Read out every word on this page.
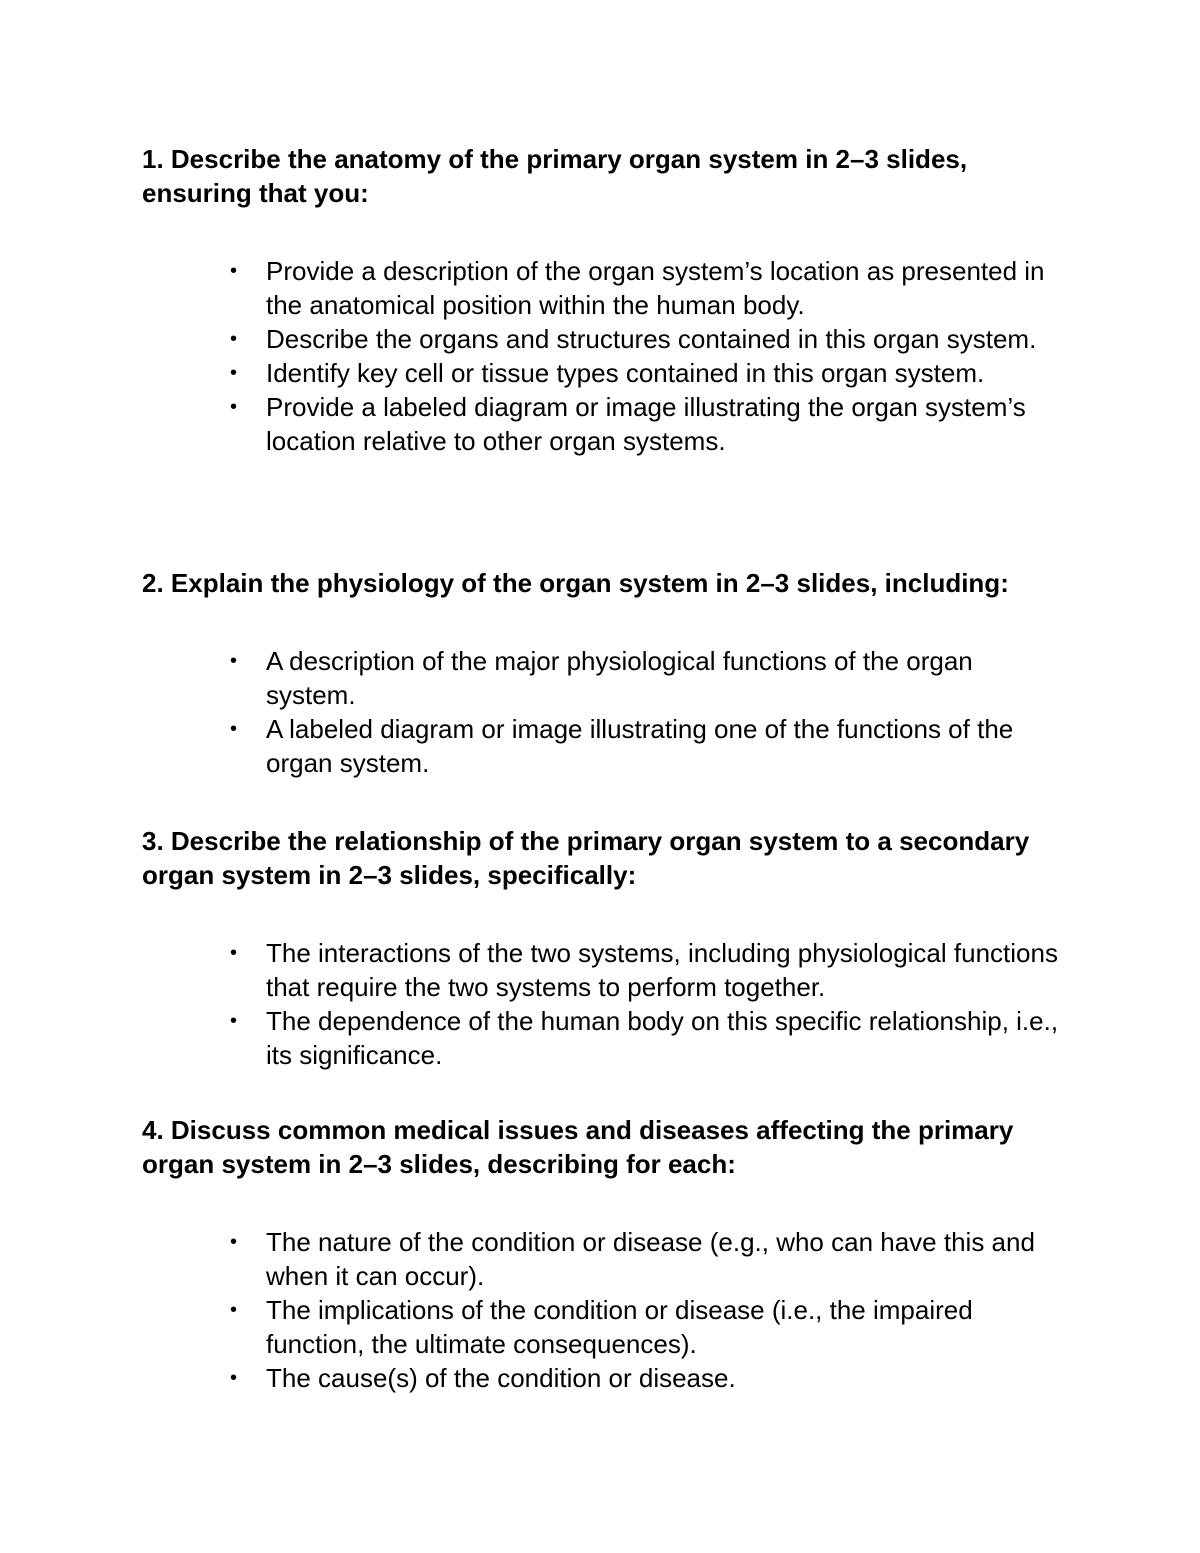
1. Describe the anatomy of the primary organ system in 2–3 slides, ensuring that you:

• Provide a description of the organ system’s location as presented in the anatomical position within the human body.
• Describe the organs and structures contained in this organ system.
• Identify key cell or tissue types contained in this organ system.
• Provide a labeled diagram or image illustrating the organ system’s location relative to other organ systems.

2. Explain the physiology of the organ system in 2–3 slides, including:

• A description of the major physiological functions of the organ system.
• A labeled diagram or image illustrating one of the functions of the organ system.

3. Describe the relationship of the primary organ system to a secondary organ system in 2–3 slides, specifically:

• The interactions of the two systems, including physiological functions that require the two systems to perform together.
• The dependence of the human body on this specific relationship, i.e., its significance.

4. Discuss common medical issues and diseases affecting the primary organ system in 2–3 slides, describing for each:

• The nature of the condition or disease (e.g., who can have this and when it can occur).
• The implications of the condition or disease (i.e., the impaired function, the ultimate consequences).
• The cause(s) of the condition or disease.
